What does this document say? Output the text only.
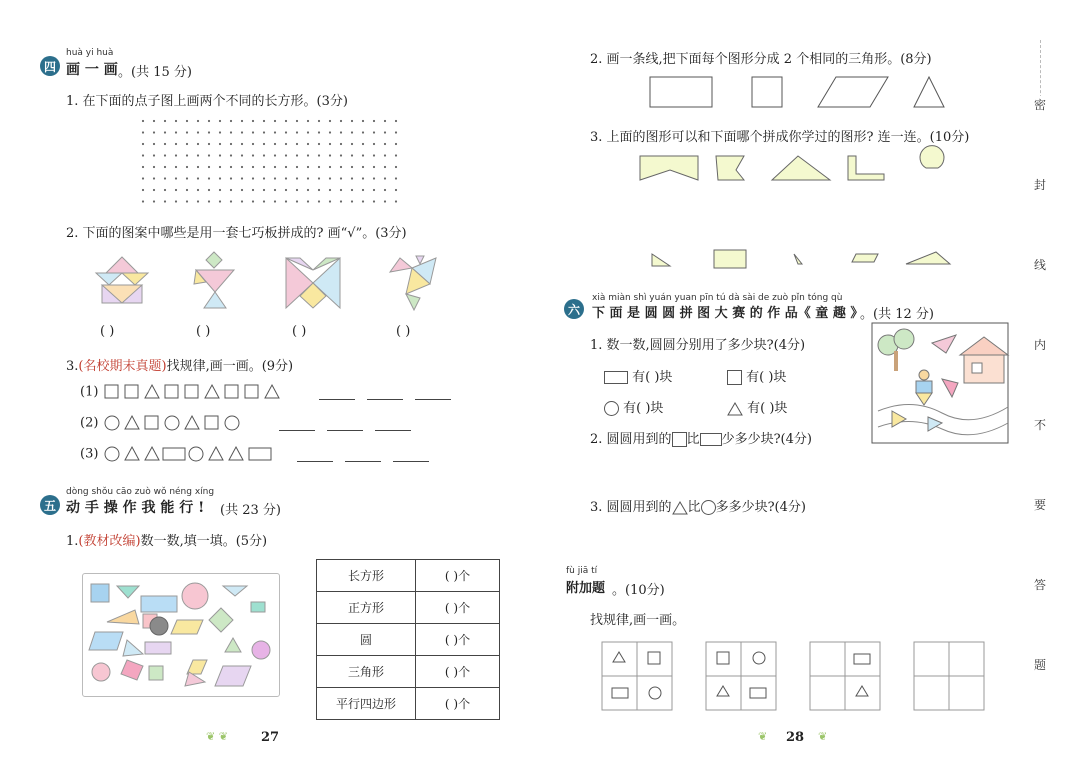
huà yi huà
四 画 一 画 。(共 15 分)
1. 在下面的点子图上画两个不同的长方形。(3分)
2. 下面的图案中哪些是用一套七巧板拼成的? 画“√”。(3分)
( )	( )	( )	( )
3.(名校期末真题)找规律,画一画。(9分)
(1)
(2)
(3)
dòng shǒu cāo zuò wǒ néng xíng
五 动 手 操 作 我 能 行 ! (共 23 分)
1.(教材改编)数一数,填一填。(5分)
长方形	( )个
正方形	( )个
圆	( )个
三角形	( )个
平行四边形	( )个
❦ ❦	27
2. 画一条线,把下面每个图形分成 2 个相同的三角形。(8分)
3. 上面的图形可以和下面哪个拼成你学过的图形? 连一连。(10分)
xià miàn shì yuán yuan pīn tú dà sài de zuò pǐn tóng qù
六 下 面 是 圆 圆 拼 图 大 赛 的 作 品《 童 趣 》
。(共 12 分)
1. 数一数,圆圆分别用了多少块?(4分)
有( )块	有( )块
有( )块	有( )块
2. 圆圆用到的 比 少多少块?(4分)
3. 圆圆用到的 比 多多少块?(4分)
fù jiā tí
附加题 。(10分)
找规律,画一画。
❦ 28 ❦
密
封
线
内
不
要
答
题
